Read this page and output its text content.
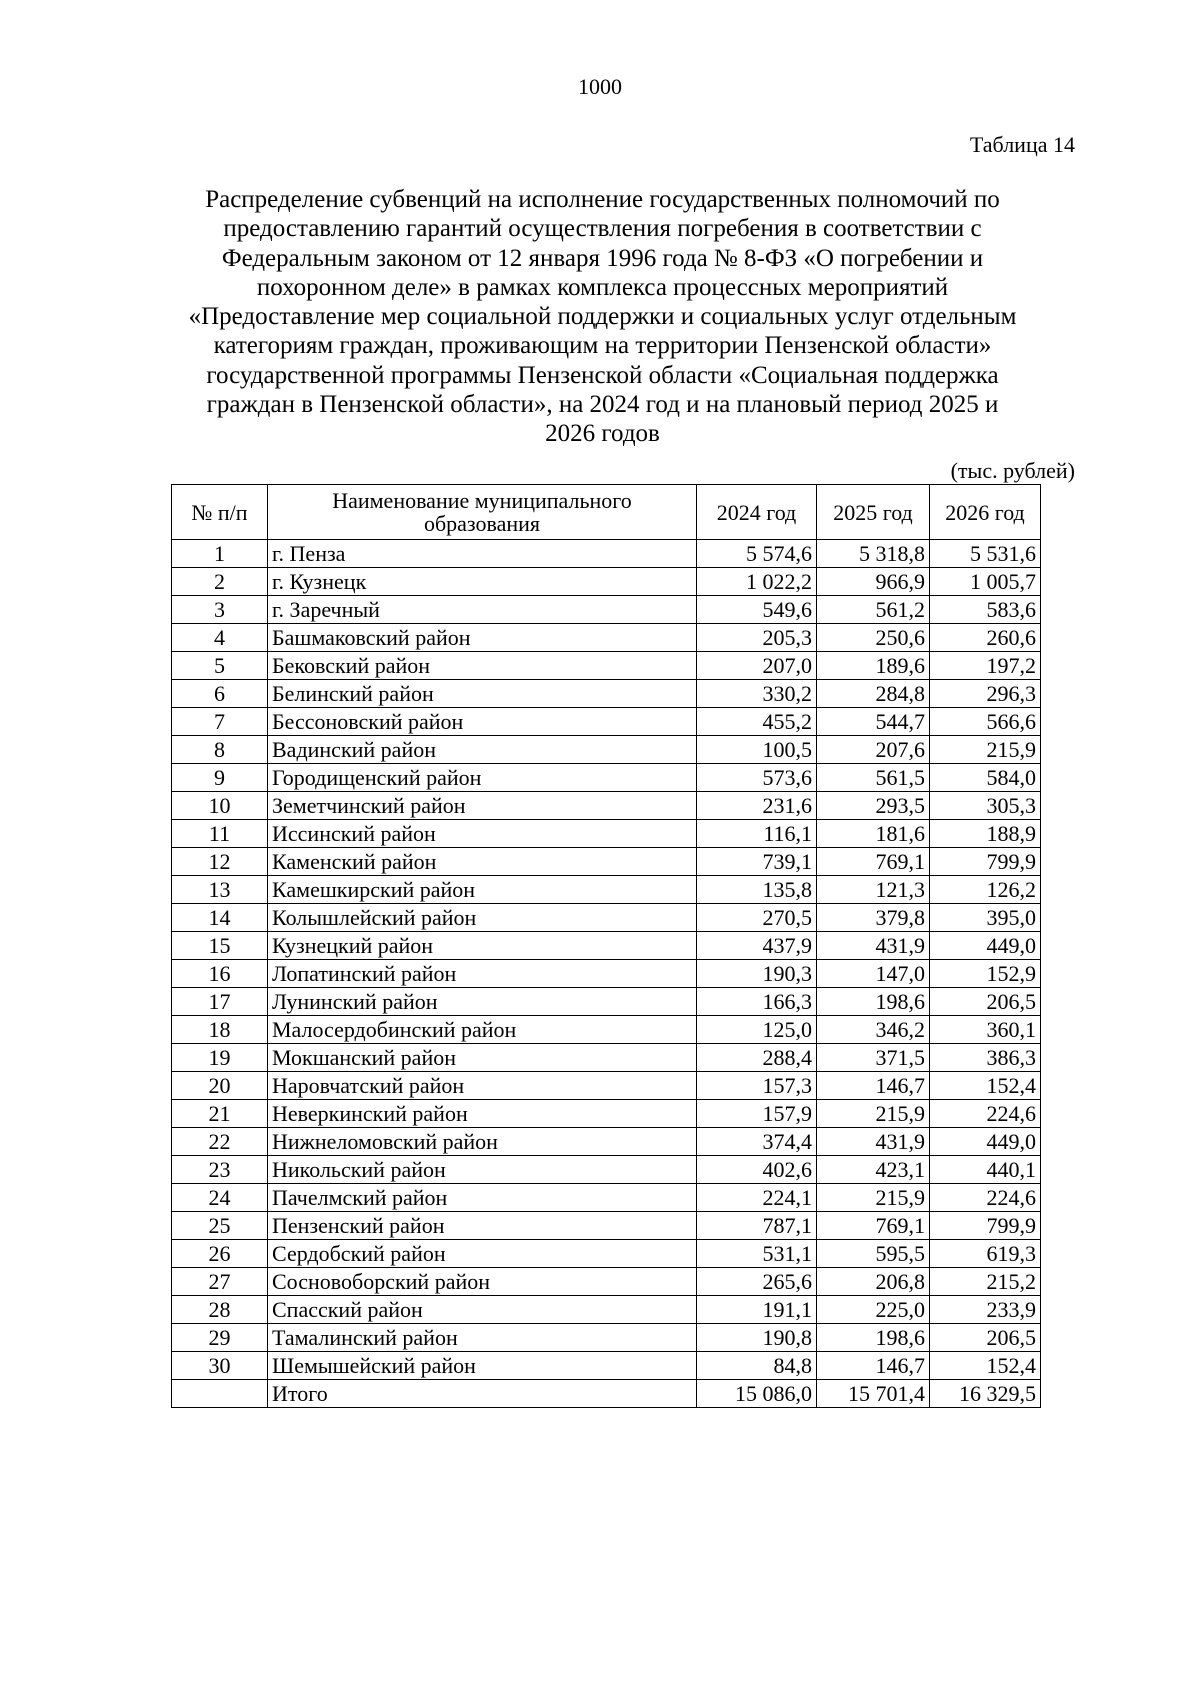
1000
Таблица 14
Распределение субвенций на исполнение государственных полномочий по
предоставлению гарантий осуществления погребения в соответствии с
Федеральным законом от 12 января 1996 года № 8-ФЗ «О погребении и
похоронном деле» в рамках комплекса процессных мероприятий
«Предоставление мер социальной поддержки и социальных услуг отдельным
категориям граждан, проживающим на территории Пензенской области»
государственной программы Пензенской области «Социальная поддержка
граждан в Пензенской области», на 2024 год и на плановый период 2025 и
2026 годов
(тыс. рублей)
№ п/п	Наименование муниципального образования	2024 год	2025 год	2026 год
1	г. Пенза	5 574,6	5 318,8	5 531,6
2	г. Кузнецк	1 022,2	966,9	1 005,7
3	г. Заречный	549,6	561,2	583,6
4	Башмаковский район	205,3	250,6	260,6
5	Бековский район	207,0	189,6	197,2
6	Белинский район	330,2	284,8	296,3
7	Бессоновский район	455,2	544,7	566,6
8	Вадинский район	100,5	207,6	215,9
9	Городищенский район	573,6	561,5	584,0
10	Земетчинский район	231,6	293,5	305,3
11	Иссинский район	116,1	181,6	188,9
12	Каменский район	739,1	769,1	799,9
13	Камешкирский район	135,8	121,3	126,2
14	Колышлейский район	270,5	379,8	395,0
15	Кузнецкий район	437,9	431,9	449,0
16	Лопатинский район	190,3	147,0	152,9
17	Лунинский район	166,3	198,6	206,5
18	Малосердобинский район	125,0	346,2	360,1
19	Мокшанский район	288,4	371,5	386,3
20	Наровчатский район	157,3	146,7	152,4
21	Неверкинский район	157,9	215,9	224,6
22	Нижнеломовский район	374,4	431,9	449,0
23	Никольский район	402,6	423,1	440,1
24	Пачелмский район	224,1	215,9	224,6
25	Пензенский район	787,1	769,1	799,9
26	Сердобский район	531,1	595,5	619,3
27	Сосновоборский район	265,6	206,8	215,2
28	Спасский район	191,1	225,0	233,9
29	Тамалинский район	190,8	198,6	206,5
30	Шемышейский район	84,8	146,7	152,4
	Итого	15 086,0	15 701,4	16 329,5
